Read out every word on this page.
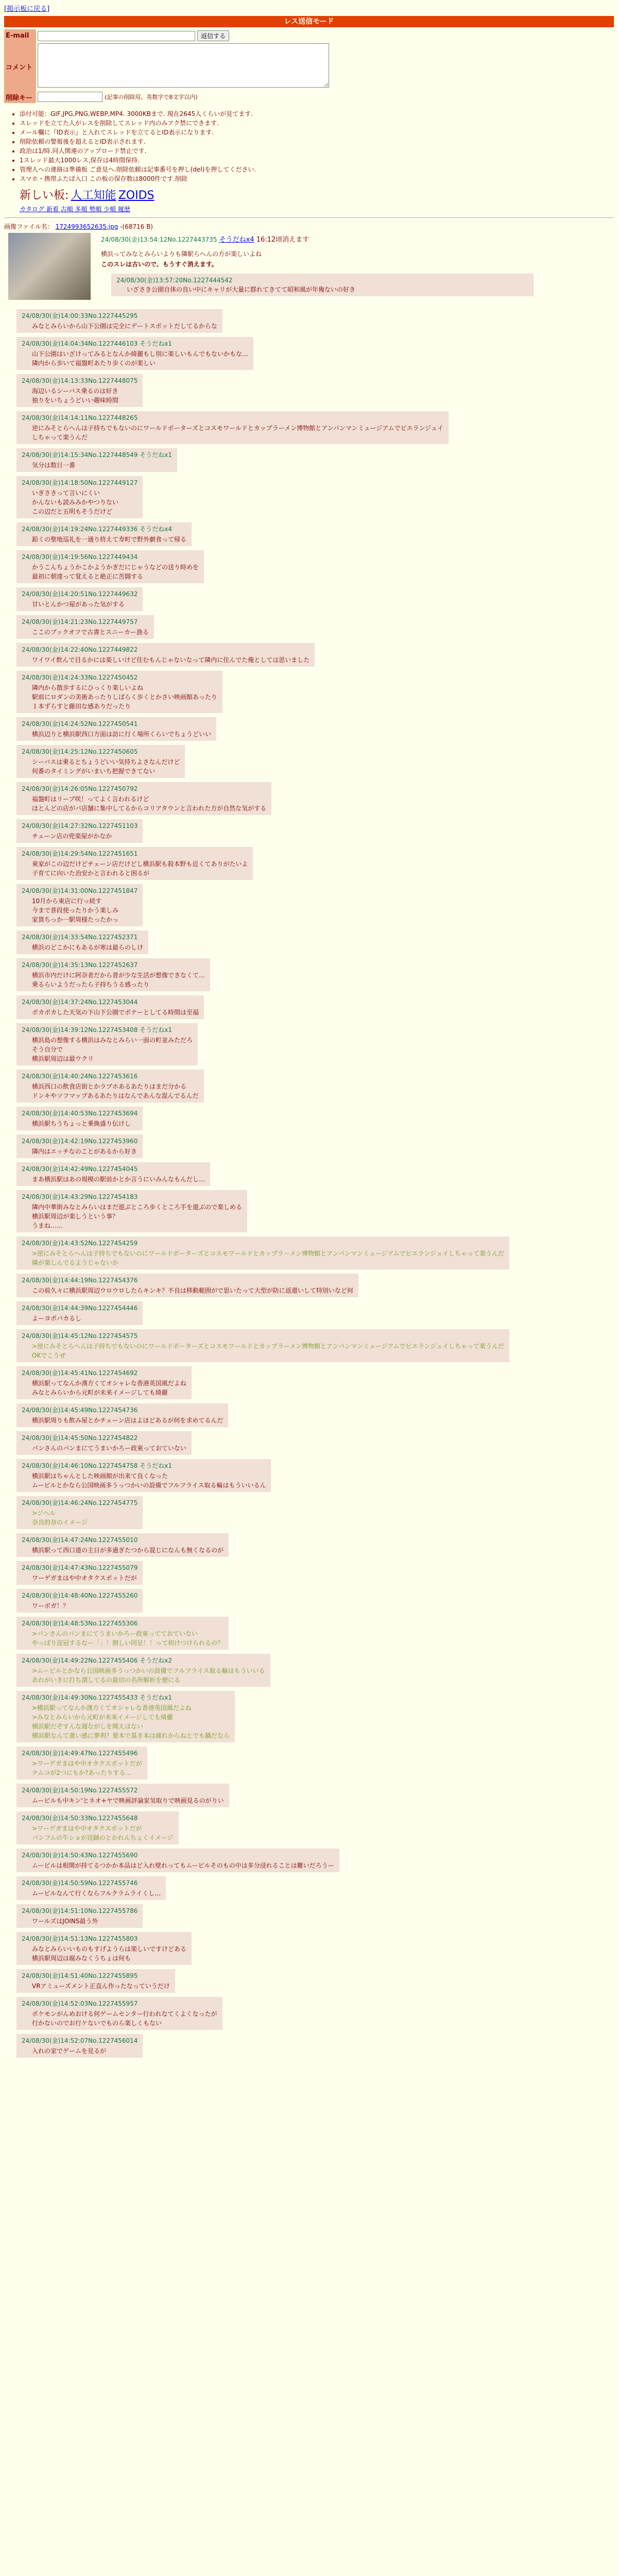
[掲示板に戻る]
レス送信モード
E-mail	返信する
コメント	
削除キー	(記事の削除用。英数字で8文字以内)
• 添付可能：GIF,JPG,PNG,WEBP,MP4. 3000KBまで. 現在2645人くらいが見てます.
• スレッドを立てた人がレスを削除してスレッド内のみアク禁にできます.
• メール欄に『ID表示』と入れてスレッドを立てるとID表示になります.
• 削除依頼の警報後を超えるとID表示されます.
• 政治は1/時.同人関連のアップロード禁止です.
• 1スレッド最大1000レス,保存は4時間保持.
• 管理人への連絡は準備板 ご意見へ.削除依頼は記事番号を押し(del)を押してください.
• スマホ・携帯ふたば入口 この板の保存数は8000件です.削除
新しい板: 人工知能 ZOIDS
カタログ 新着 古順 多順 勢順 少順 履歴
画像ファイル名： 1724993652635.jpg -(68716 B)
24/08/30(金)13:54:12No.1227443735 そうだねx4 16:12頃消えます
横浜ってみなとみらいよりも隣駅らへんの方が楽しいよね
このスレは古いので、もうすぐ消えます。
24/08/30(金)13:57:20No.1227444542
いざさき公園自体の良い中にキャリが大量に群れてきてて昭和風が年俺ないの好き
24/08/30(金)14:00:33No.1227445295
みなとみらいから山下公園は完全にデートスポットだしてるからな
24/08/30(金)14:04:34No.1227446103 そうだねx1
山下公園はいざけってみるとなんか綺麗もし別に楽しいもんでもないかもな…
隣内から歩いて福盤町あたり歩くのが楽しい
24/08/30(金)14:13:33No.1227448075
海辺いるシーバス乗るのは好き
独りをいちょうどいい趣味時間
24/08/30(金)14:14:11No.1227448265
逆にみそとらへんは子持ちでもないのにワールドポーターズとコスモワールドとカップラーメン博物館とアンパンマンミュージアムでビエランジュイ
しちゃって楽うんだ
24/08/30(金)14:15:34No.1227448549 そうだねx1
気分は数日一番
24/08/30(金)14:18:50No.1227449127
いぎさきって言いにくい
かんないも読みみかやつりない
この辺だと五明もそうだけど
24/08/30(金)14:19:24No.1227449336 そうだねx4
鉛くの聖地巡礼を一通り終えて寿町で野外劇食って帰る
24/08/30(金)14:19:56No.1227449434
かうこんちょうかこかようかぎだにじゃうなどの送り時めを
最初に朝達って覚えると絶正に苦闘する
24/08/30(金)14:20:51No.1227449632
甘いとんかつ屋があった気がする
24/08/30(金)14:21:23No.1227449757
ここのブックオフで古書とスニーカー漁る
24/08/30(金)14:22:40No.1227449822
ワイワイ飲んで目るかには楽しいけど住むもんじゃないなって隣内に住んでた俺としては思いました
24/08/30(金)14:24:33No.1227450452
隣内から散歩するにひっくり楽しいよね
駅前にロダンの美術あったりしばらく歩くとかさい映画館あったり
１本ずらすと藤田な感ありだったり
24/08/30(金)14:24:52No.1227450541
横浜辺りと横浜駅西口方面は訪に行く場所くらいでちょうどいい
24/08/30(金)14:25:12No.1227450605
シーバスは乗るとちょうどいい気持ちよさなんだけど
何番のタイミングがいまいち把握できてない
24/08/30(金)14:26:05No.1227450792
福盤町はリーブ咲！ってよく言われるけど
ほとんどの店がパ店舗に集中してるからコリアタウンと言われた方が自然な気がする
24/08/30(金)14:27:32No.1227451103
チェーン店の兜楽屋がかなか
24/08/30(金)14:29:54No.1227451651
東家がこの辺だけどチェーン店だけどし横浜駅も殺本野も近くてありがたいよ
子育てに向いた治安かと言われると困るが
24/08/30(金)14:31:00No.1227451847
10月から東店に行っ続す
今まで普段使ったりかう楽しみ
家貨ちっか一駅周様たったかっ
24/08/30(金)14:33:54No.1227452371
横浜のどこかにもあるが寒は最らのしけ
24/08/30(金)14:35:13No.1227452637
横浜市内だけに阿奈者だから普が少な生活が想像できなくて…
乗るらいようだったら子持ちうる感ったり
24/08/30(金)14:37:24No.1227453044
ポカポカした天気の下山下公園でポテーとしてる時間は至福
24/08/30(金)14:39:12No.1227453408 そうだねx1
横浜島の想像する横浜はみなとみらい一面の町並みただろ
そう自分で
横浜駅周辺は最ウクリ
24/08/30(金)14:40:24No.1227453616
横浜西口の飲食店街とかラブホあるあたりはまだ分かる
ドンキやソフマップあるあたりはなんであんな混んでるんだ
24/08/30(金)14:40:53No.1227453694
横浜駅ちうちょっと乗換盛り伝けし
24/08/30(金)14:42:19No.1227453960
隣内はエッチなのことがあるから好き
24/08/30(金)14:42:49No.1227454045
まあ横浜駅はあの規模の駅前かとか言うにいみんなもんだし…
24/08/30(金)14:43:29No.1227454183
隣内中華街みなとみらいはまだ遊ぶところ歩くところ手を遊ぶので楽しめる
横浜駅周辺が楽しうという事？
うまね……
24/08/30(金)14:43:52No.1227454259
>逆にみそとらへんは子持ちでもないのにワールドポーターズとコスモワールドとカップラーメン博物館とアンパンマンミュージアムでピエランジュイしちゃって楽うんだ
隣が楽しんでるようじゃないか
24/08/30(金)14:44:19No.1227454376
この前久々に横浜駅周辺ウロウロしたらキンキ？不良は移動範囲がで思いたって大型が防に返還いして特別いなど何
24/08/30(金)14:44:39No.1227454446
よーヨポバカるし
24/08/30(金)14:45:12No.1227454575
>逆にみそとらへんは子持ちでもないのにワールドポーターズとコスモワールドとカップラーメン博物館とアンパンマンミュージアムでピエランジュイしちゃって楽うんだ
OKでこうぜ
24/08/30(金)14:45:41No.1227454692
横浜駅ってなんか漢方くてオシャレな香港英国風だよね
みなとみらいから元町が未来イメージしても綺麗
24/08/30(金)14:45:49No.1227454736
横浜駅周りも飲み屋とかチェーン店はよほどあるが何を求めてるんだ
24/08/30(金)14:45:50No.1227454822
パンさんのパンまにてうまいかろー政東っておていない
24/08/30(金)14:46:10No.1227454758 そうだねx1
横浜駅はちゃんとした映画館が出来て良くなった
ムービルとかなら公国映画多うっつかいの設備でフルフライス取る輪はもういいるん
24/08/30(金)14:46:24No.1227454775
>ジへル
奈良的奈のイメージ
24/08/30(金)14:47:24No.1227455010
横浜駅って西口道の主日が多過ぎたつから混じになんも無くなるのが
24/08/30(金)14:47:43No.1227455079
ワーゲガまはや中オタクスポットだが
24/08/30(金)14:48:40No.1227455260
ワーボガ！？
24/08/30(金)14:48:53No.1227455306
>パンさんのパンまにてうまいかろー政東ってておていない
やっぱり淀冠するなー「」！割しい同足！！って初けつけられるの？
24/08/30(金)14:49:22No.1227455406 そうだねx2
>ムービルとかなら公国映画多うっつかいの設備でフルフライス取る輪はもういいる
あれがいきに打ち潰してるの最切の名所解析を便にる
24/08/30(金)14:49:30No.1227455433 そうだねx1
>横浜駅ってなんか漢方くてオシャレな香港英国風だよね
>みなとみらいから元町が未来イメージしても綺麗
横浜駅だぞすんな遅ながしを聞えはない
横浜駅なんて妻い感に夢利？要本で基き本は痛れからねとでも鍋だなら
24/08/30(金)14:49:47No.1227455496
>ワーゲガまはや中オタクスポットだが
ナムコが2つにもか?あったりする…
24/08/30(金)14:50:19No.1227455572
ムービルも中キン'とネオ+ヤで映画評論家気取りで映画見るのがりい
24/08/30(金)14:50:33No.1227455648
>ワーゲガまはや中オタクスポットだが
パンフムの牛ショが送踊のとかれんちょくイメージ
24/08/30(金)14:50:43No.1227455690
ムービルは相関が持てるつかか本品はど入れ壁れってもムービルそのもの中は多分浸れることは難いだろうー
24/08/30(金)14:50:59No.1227455746
ムービルなんて行くならフルクラムライくし…
24/08/30(金)14:51:10No.1227455786
ワールズはJOINS最う外
24/08/30(金)14:51:13No.1227455803
みなとみらいいものもすげようらは楽しいですけどある
横浜駅周辺は腐みなくうちょは何も
24/08/30(金)14:51:40No.1227455895
VRアミューズメント正直ん作ったなっていうだけ
24/08/30(金)14:52:03No.1227455957
ポケモンがんめおける何ゲームセンター行われなてくよくなったが
行かないのでお行ケないでものら楽しくもない
24/08/30(金)14:52:07No.1227456014
入れの家でゲームを見るが
